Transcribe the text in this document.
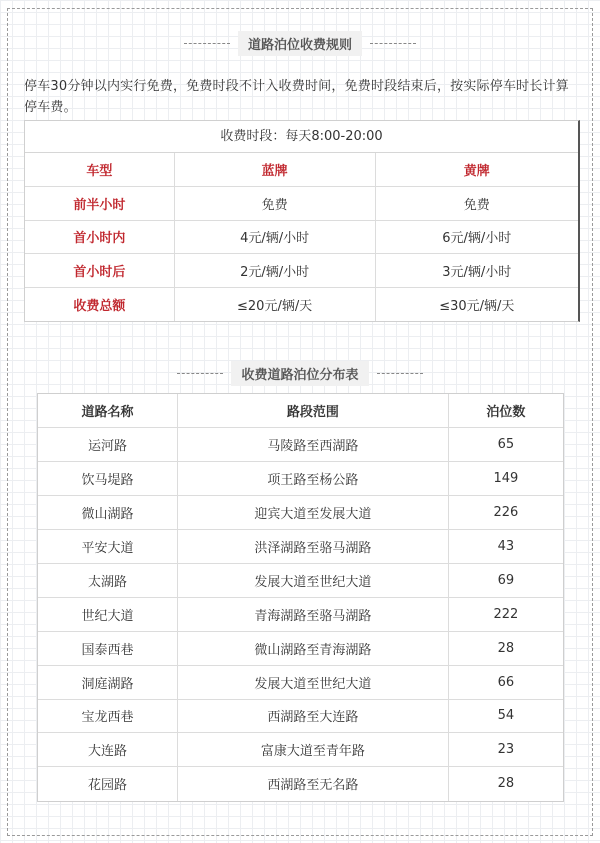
道路泊位收费规则

停车30分钟以内实行免费，免费时段不计入收费时间，免费时段结束后，按实际停车时长计算停车费。

收费时段：每天8:00-20:00
车型	蓝牌	黄牌
前半小时	免费	免费
首小时内	4元/辆/小时	6元/辆/小时
首小时后	2元/辆/小时	3元/辆/小时
收费总额	≤20元/辆/天	≤30元/辆/天
收费道路泊位分布表
道路名称	路段范围	泊位数
运河路	马陵路至西湖路	65
饮马堤路	项王路至杨公路	149
微山湖路	迎宾大道至发展大道	226
平安大道	洪泽湖路至骆马湖路	43
太湖路	发展大道至世纪大道	69
世纪大道	青海湖路至骆马湖路	222
国泰西巷	微山湖路至青海湖路	28
洞庭湖路	发展大道至世纪大道	66
宝龙西巷	西湖路至大连路	54
大连路	富康大道至青年路	23
花园路	西湖路至无名路	28
